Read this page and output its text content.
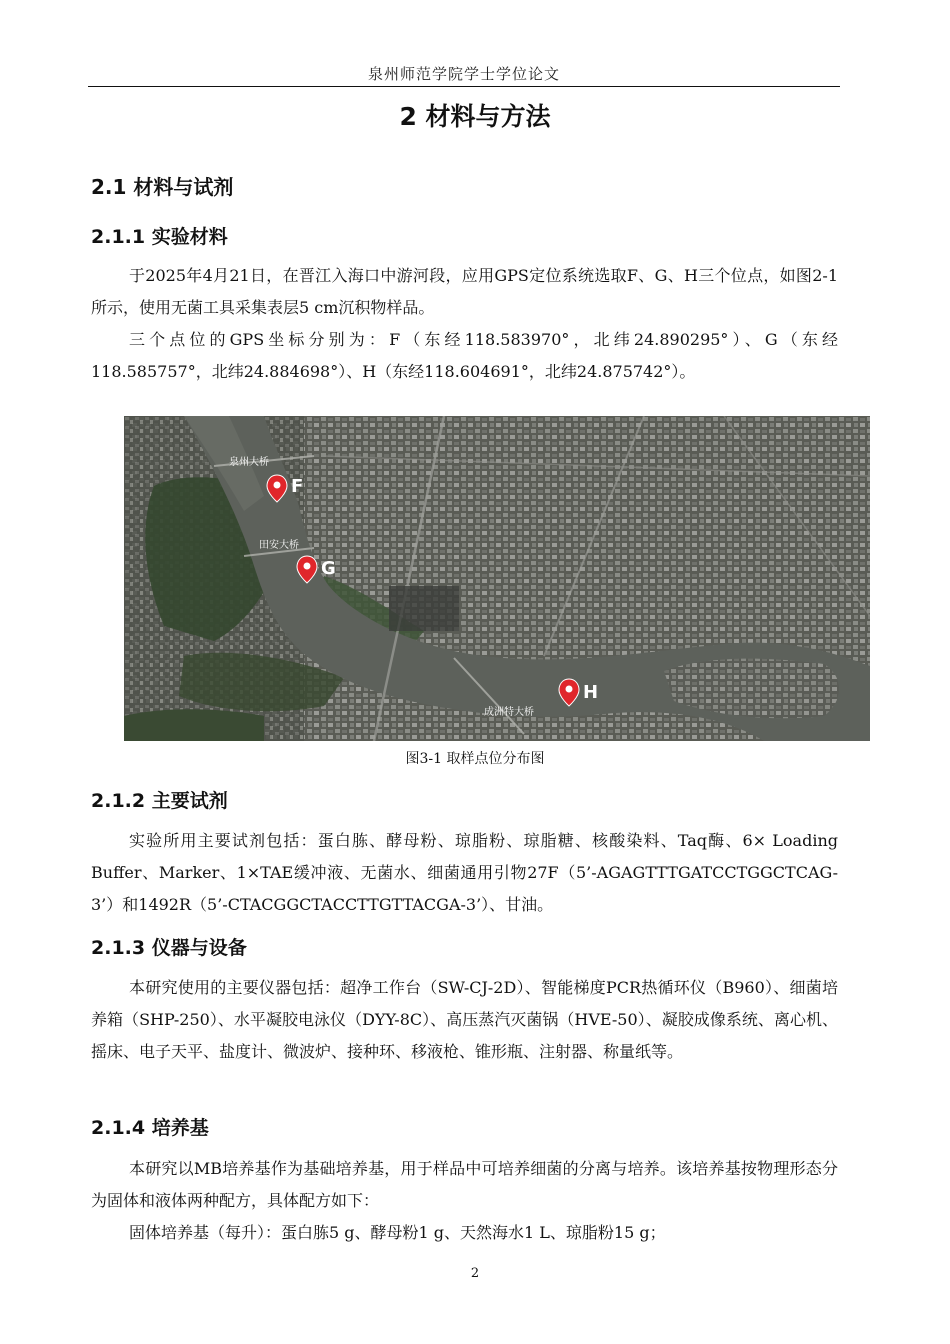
泉州师范学院学士学位论文
2 材料与方法
2.1 材料与试剂
2.1.1 实验材料

于2025年4月21日，在晋江入海口中游河段，应用GPS定位系统选取F、G、H三个位点，如图2-1所示，使用无菌工具采集表层5 cm沉积物样品。

三个点位的GPS坐标分别为：F（东经118.583970°，北纬24.890295°）、G（东经118.585757°，北纬24.884698°）、H（东经118.604691°，北纬24.875742°）。

泉州大桥
田安大桥
成洲特大桥
F
G
H
图3-1 取样点位分布图
2.1.2 主要试剂

实验所用主要试剂包括：蛋白胨、酵母粉、琼脂粉、琼脂糖、核酸染料、Taq酶、6× Loading Buffer、Marker、1×TAE缓冲液、无菌水、细菌通用引物27F（5’-AGAGTTTGATCCTGGCTCAG-3’）和1492R（5’-CTACGGCTACCTTGTTACGA-3’）、甘油。

2.1.3 仪器与设备

本研究使用的主要仪器包括：超净工作台（SW-CJ-2D）、智能梯度PCR热循环仪（B960）、细菌培养箱（SHP-250）、水平凝胶电泳仪（DYY-8C）、高压蒸汽灭菌锅（HVE-50）、凝胶成像系统、离心机、摇床、电子天平、盐度计、微波炉、接种环、移液枪、锥形瓶、注射器、称量纸等。

2.1.4 培养基

本研究以MB培养基作为基础培养基，用于样品中可培养细菌的分离与培养。该培养基按物理形态分为固体和液体两种配方，具体配方如下：

固体培养基（每升）：蛋白胨5 g、酵母粉1 g、天然海水1 L、琼脂粉15 g；

2
